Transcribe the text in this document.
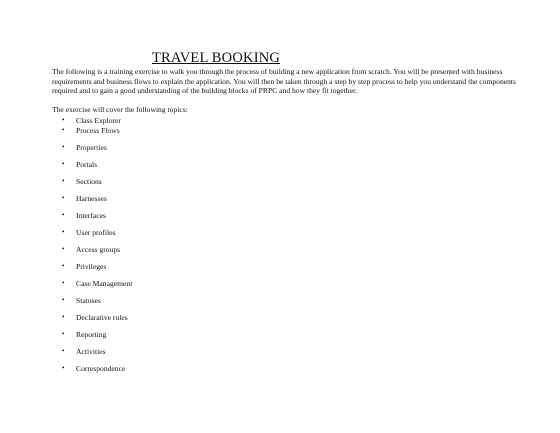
TRAVEL BOOKING
The following is a training exercise to walk you through the process of building a new application from scratch. You will be presented with business requirements and business flows to explain the application. You will then be taken through a step by step process to help you understand the components required and to gain a good understanding of the building blocks of PRPC and how they fit together.
The exercise will cover the following topics:
•	Class Explorer
•	Process Flows
•	Properties
•	Portals
•	Sections
•	Harnesses
•	Interfaces
•	User profiles
•	Access groups
•	Privileges
•	Case Management
•	Statuses
•	Declarative rules
•	Reporting
•	Activities
•	Correspondence
